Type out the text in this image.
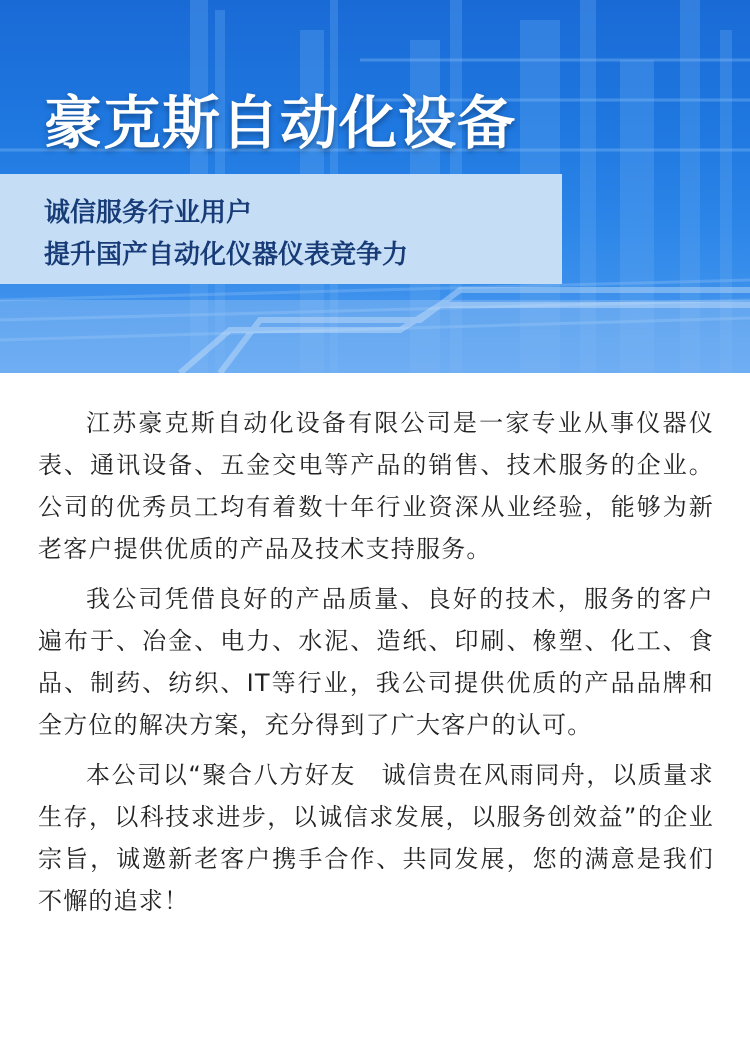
豪克斯自动化设备
诚信服务行业用户
提升国产自动化仪器仪表竞争力

江苏豪克斯自动化设备有限公司是一家专业从事仪器仪表、通讯设备、五金交电等产品的销售、技术服务的企业。公司的优秀员工均有着数十年行业资深从业经验，能够为新老客户提供优质的产品及技术支持服务。

我公司凭借良好的产品质量、良好的技术，服务的客户遍布于、冶金、电力、水泥、造纸、印刷、橡塑、化工、食品、制药、纺织、IT等行业，我公司提供优质的产品品牌和全方位的解决方案，充分得到了广大客户的认可。

本公司以“聚合八方好友　诚信贵在风雨同舟，以质量求生存，以科技求进步，以诚信求发展，以服务创效益”的企业宗旨，诚邀新老客户携手合作、共同发展，您的满意是我们不懈的追求！
